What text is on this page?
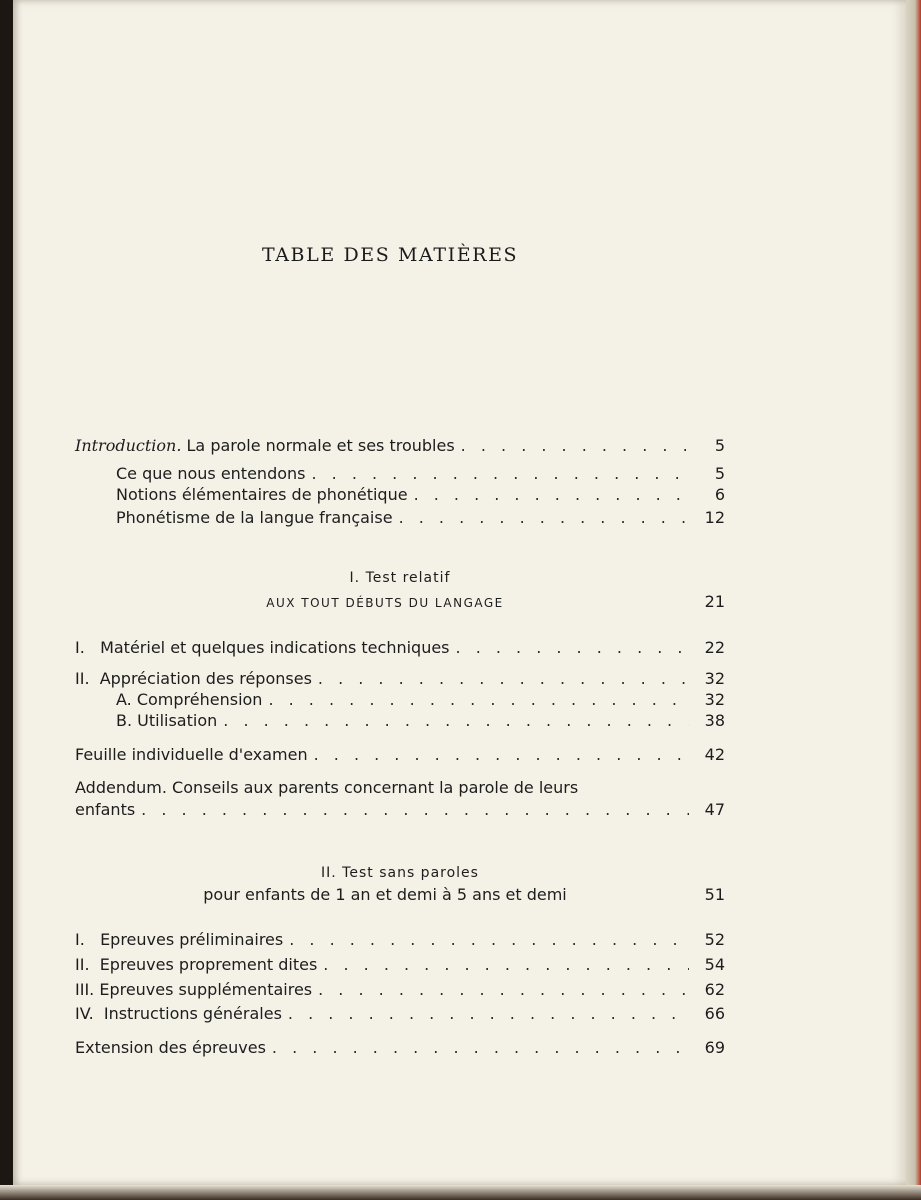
TABLE DES MATIÈRES
Introduction. La parole normale et ses troubles . . .	5
Ce que nous entendons . . .	5
Notions élémentaires de phonétique . . .	6
Phonétisme de la langue française . . .	12
I. Test relatif
AUX TOUT DÉBUTS DU LANGAGE	21
I.   Matériel et quelques indications techniques . . .	22
II.  Appréciation des réponses . . .	32
A. Compréhension . . .	32
B. Utilisation . . .	38
Feuille individuelle d'examen . . .	42
Addendum. Conseils aux parents concernant la parole de leurs
enfants . . .	47
II. Test sans paroles
pour enfants de 1 an et demi à 5 ans et demi	51
I.   Epreuves préliminaires . . .	52
II.  Epreuves proprement dites . . .	54
III. Epreuves supplémentaires . . .	62
IV.  Instructions générales . . .	66
Extension des épreuves . . .	69
